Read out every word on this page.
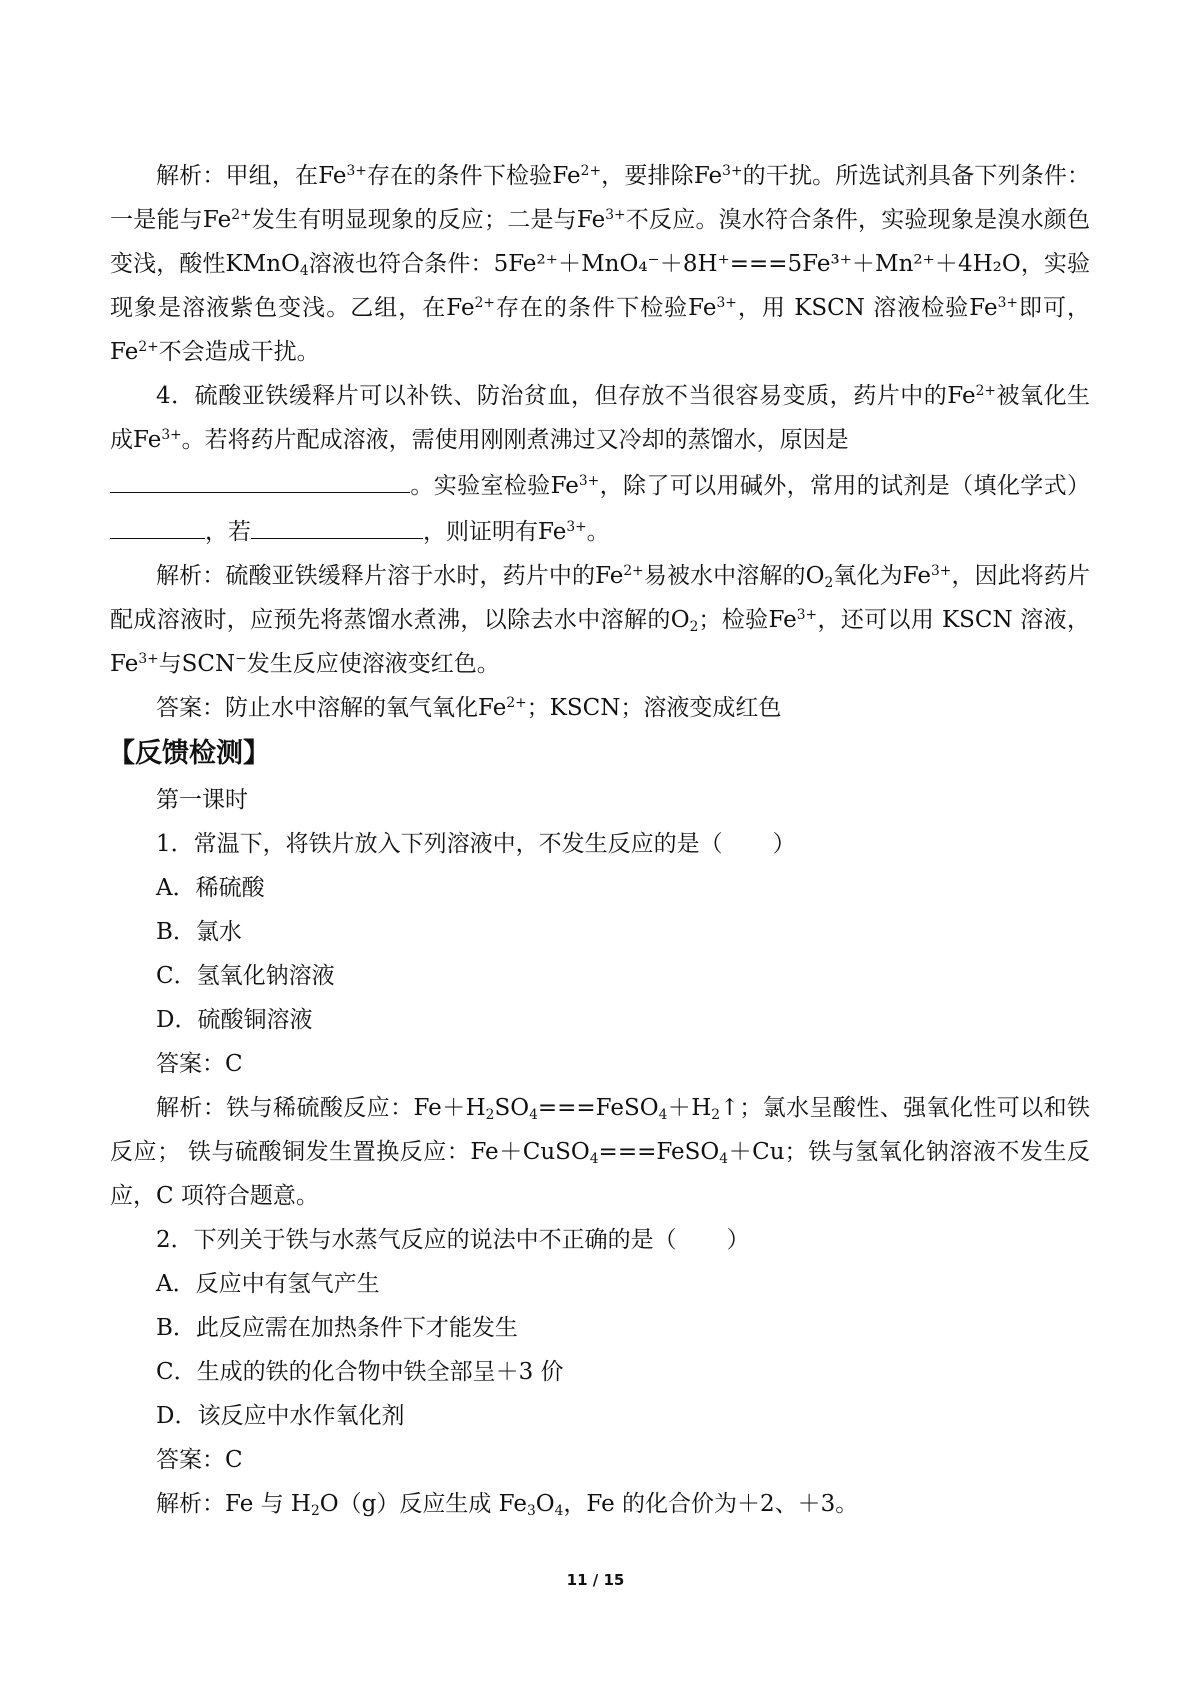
解析：甲组，在$Fe^{3+}$存在的条件下检验$Fe^{2+}$，要排除$Fe^{3+}$的干扰。所选试剂具备下列条件：一是能与$Fe^{2+}$发生有明显现象的反应；二是与$Fe^{3+}$不反应。溴水符合条件，实验现象是溴水颜色变浅，酸性KMnO$_4$溶液也符合条件：5Fe²⁺＋MnO₄⁻＋8H⁺===5Fe³⁺＋Mn²⁺＋4H₂O，实验现象是溶液紫色变浅。乙组，在$Fe^{2+}$存在的条件下检验$Fe^{3+}$，用 KSCN 溶液检验$Fe^{3+}$即可，$Fe^{2+}$不会造成干扰。

4．硫酸亚铁缓释片可以补铁、防治贫血，但存放不当很容易变质，药片中的$Fe^{2+}$被氧化生成$Fe^{3+}$。若将药片配成溶液，需使用刚刚煮沸过又冷却的蒸馏水，原因是
。实验室检验$Fe^{3+}$，除了可以用碱外，常用的试剂是（填化学式），若	，则证明有$Fe^{3+}$。

解析：硫酸亚铁缓释片溶于水时，药片中的$Fe^{2+}$易被水中溶解的$O_2$氧化为$Fe^{3+}$，因此将药片配成溶液时，应预先将蒸馏水煮沸，以除去水中溶解的$O_2$；检验$Fe^{3+}$，还可以用 KSCN 溶液，$Fe^{3+}$与SCN−发生反应使溶液变红色。

答案：防止水中溶解的氧气氧化$Fe^{2+}$；KSCN；溶液变成红色

【反馈检测】

第一课时

1．常温下，将铁片放入下列溶液中，不发生反应的是（ ）

A．稀硫酸

B．氯水

C．氢氧化钠溶液

D．硫酸铜溶液

答案：C

解析：铁与稀硫酸反应：$Fe+H_2SO_4===FeSO_4+H_2↑$；氯水呈酸性、强氧化性可以和铁反应； 铁与硫酸铜发生置换反应：Fe＋CuSO$_4$===FeSO$_4$＋Cu；铁与氢氧化钠溶液不发生反应，C 项符合题意。

2．下列关于铁与水蒸气反应的说法中不正确的是（ ）

A．反应中有氢气产生

B．此反应需在加热条件下才能发生

C．生成的铁的化合物中铁全部呈＋3 价

D．该反应中水作氧化剂

答案：C

解析：Fe 与 $H_2O(g)$反应生成 $Fe_3O_4$，Fe 的化合价为＋2、＋3。

11 / 15
